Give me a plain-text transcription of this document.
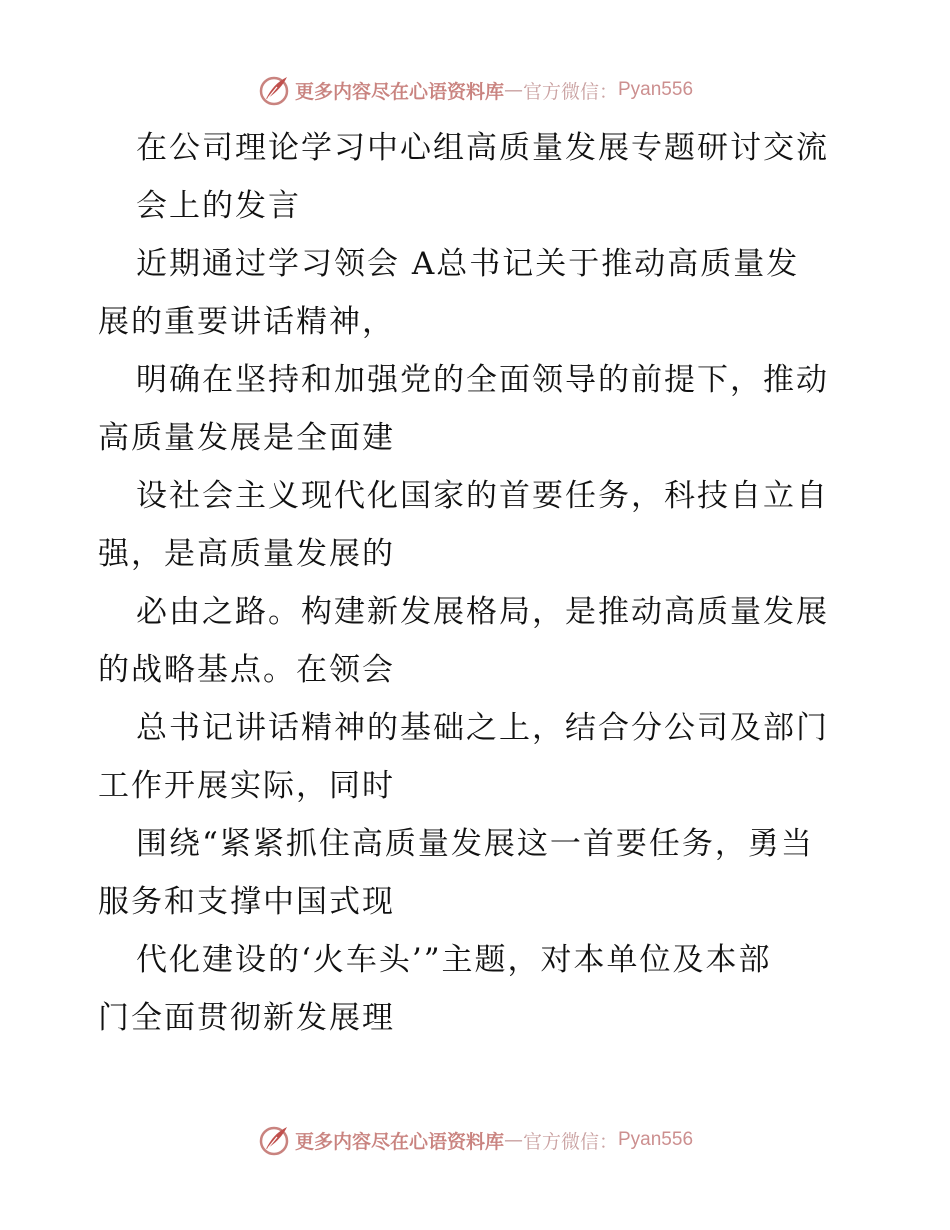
更多内容尽在心语资料库 — 官方微信： Pyan556
在公司理论学习中心组高质量发展专题研讨交流
会上的发言
近期通过学习领会 A总书记关于推动高质量发
展的重要讲话精神，
明确在坚持和加强党的全面领导的前提下，推动
高质量发展是全面建
设社会主义现代化国家的首要任务，科技自立自
强，是高质量发展的
必由之路。构建新发展格局，是推动高质量发展
的战略基点。在领会
总书记讲话精神的基础之上，结合分公司及部门
工作开展实际，同时
围绕“紧紧抓住高质量发展这一首要任务，勇当
服务和支撑中国式现
代化建设的‘火车头’”主题，对本单位及本部
门全面贯彻新发展理
更多内容尽在心语资料库 — 官方微信： Pyan556
